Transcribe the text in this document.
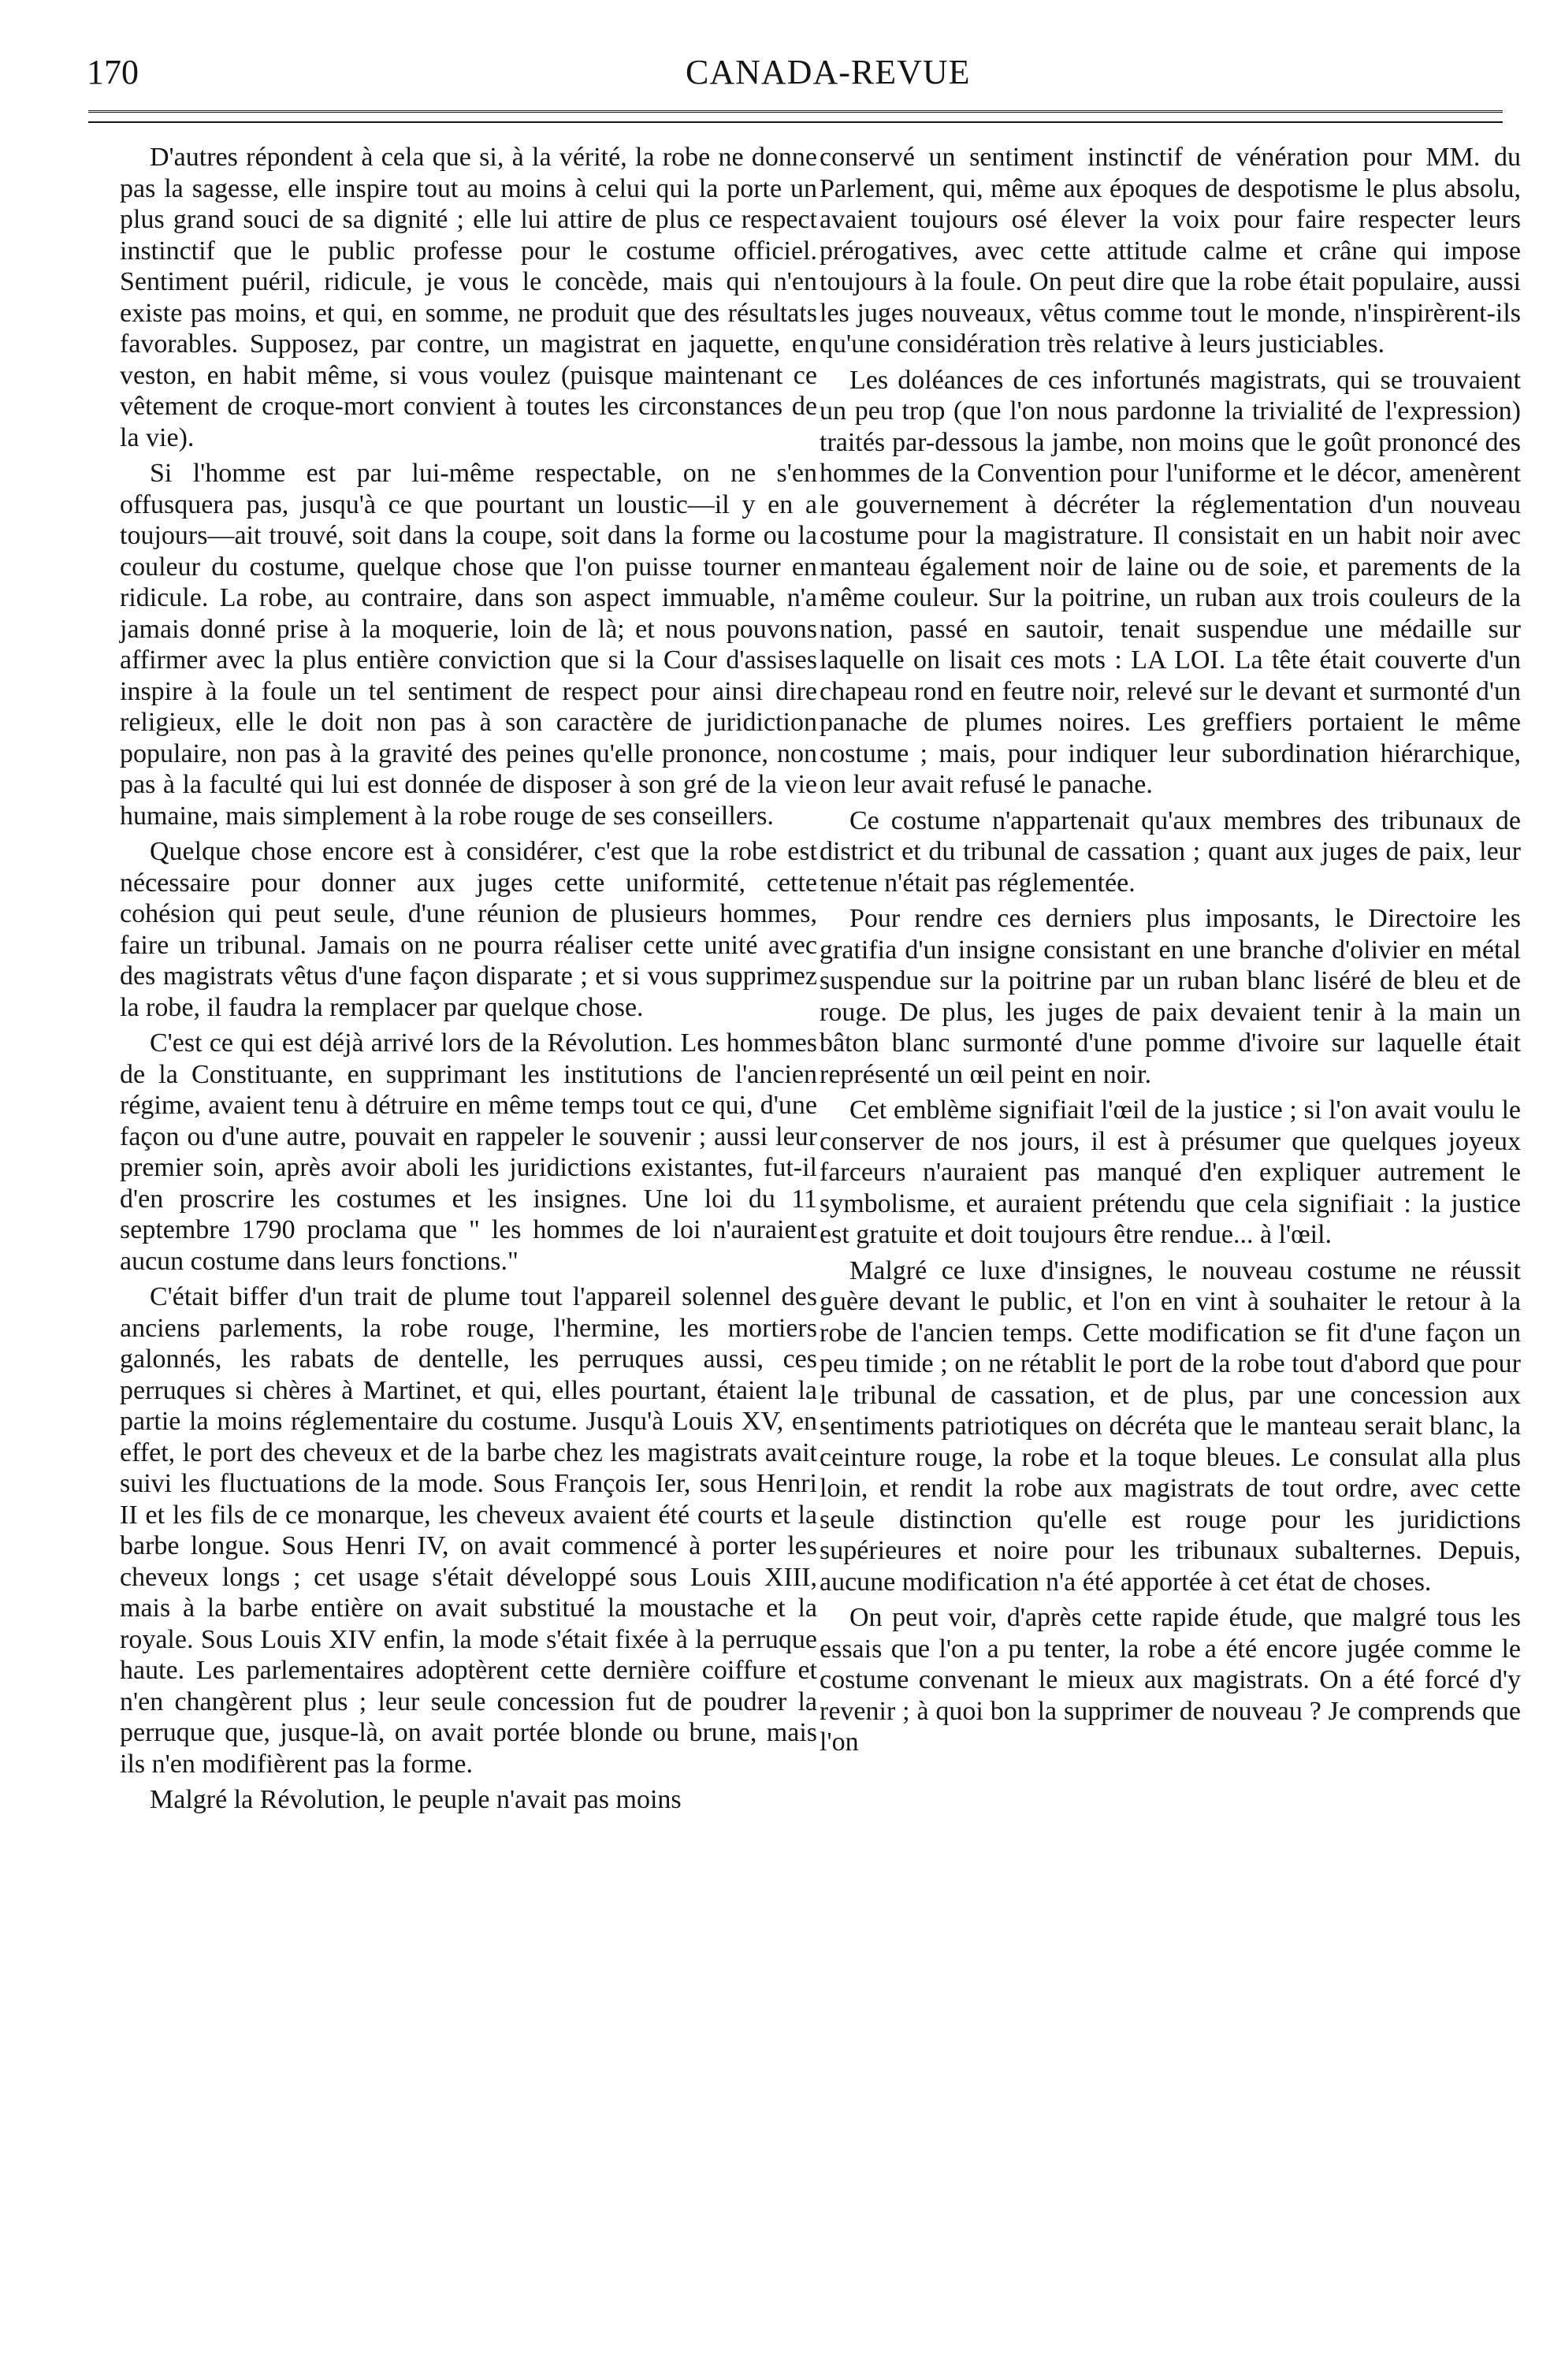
170	CANADA-REVUE

D'autres répondent à cela que si, à la vérité, la robe ne donne pas la sagesse, elle inspire tout au moins à celui qui la porte un plus grand souci de sa dignité ; elle lui attire de plus ce respect instinctif que le public professe pour le costume officiel. Sentiment puéril, ridicule, je vous le concède, mais qui n'en existe pas moins, et qui, en somme, ne produit que des résultats favorables. Supposez, par contre, un magistrat en jaquette, en veston, en habit même, si vous voulez (puisque maintenant ce vêtement de croque-mort convient à toutes les circonstances de la vie).

Si l'homme est par lui-même respectable, on ne s'en offusquera pas, jusqu'à ce que pourtant un loustic—il y en a toujours—ait trouvé, soit dans la coupe, soit dans la forme ou la couleur du costume, quelque chose que l'on puisse tourner en ridicule. La robe, au contraire, dans son aspect immuable, n'a jamais donné prise à la moquerie, loin de là; et nous pouvons affirmer avec la plus entière conviction que si la Cour d'assises inspire à la foule un tel sentiment de respect pour ainsi dire religieux, elle le doit non pas à son caractère de juridiction populaire, non pas à la gravité des peines qu'elle prononce, non pas à la faculté qui lui est donnée de disposer à son gré de la vie humaine, mais simplement à la robe rouge de ses conseillers.

Quelque chose encore est à considérer, c'est que la robe est nécessaire pour donner aux juges cette uniformité, cette cohésion qui peut seule, d'une réunion de plusieurs hommes, faire un tribunal. Jamais on ne pourra réaliser cette unité avec des magistrats vêtus d'une façon disparate ; et si vous supprimez la robe, il faudra la remplacer par quelque chose.

C'est ce qui est déjà arrivé lors de la Révolution. Les hommes de la Constituante, en supprimant les institutions de l'ancien régime, avaient tenu à détruire en même temps tout ce qui, d'une façon ou d'une autre, pouvait en rappeler le souvenir ; aussi leur premier soin, après avoir aboli les juridictions existantes, fut-il d'en proscrire les costumes et les insignes. Une loi du 11 septembre 1790 proclama que " les hommes de loi n'auraient aucun costume dans leurs fonctions."

C'était biffer d'un trait de plume tout l'appareil solennel des anciens parlements, la robe rouge, l'hermine, les mortiers galonnés, les rabats de dentelle, les perruques aussi, ces perruques si chères à Martinet, et qui, elles pourtant, étaient la partie la moins réglementaire du costume. Jusqu'à Louis XV, en effet, le port des cheveux et de la barbe chez les magistrats avait suivi les fluctuations de la mode. Sous François Ier, sous Henri II et les fils de ce monarque, les cheveux avaient été courts et la barbe longue. Sous Henri IV, on avait commencé à porter les cheveux longs ; cet usage s'était développé sous Louis XIII, mais à la barbe entière on avait substitué la moustache et la royale. Sous Louis XIV enfin, la mode s'était fixée à la perruque haute. Les parlementaires adoptèrent cette dernière coiffure et n'en changèrent plus ; leur seule concession fut de poudrer la perruque que, jusque-là, on avait portée blonde ou brune, mais ils n'en modifièrent pas la forme.

Malgré la Révolution, le peuple n'avait pas moins

conservé un sentiment instinctif de vénération pour MM. du Parlement, qui, même aux époques de despotisme le plus absolu, avaient toujours osé élever la voix pour faire respecter leurs prérogatives, avec cette attitude calme et crâne qui impose toujours à la foule. On peut dire que la robe était populaire, aussi les juges nouveaux, vêtus comme tout le monde, n'inspirèrent-ils qu'une considération très relative à leurs justiciables.

Les doléances de ces infortunés magistrats, qui se trouvaient un peu trop (que l'on nous pardonne la trivialité de l'expression) traités par-dessous la jambe, non moins que le goût prononcé des hommes de la Convention pour l'uniforme et le décor, amenèrent le gouvernement à décréter la réglementation d'un nouveau costume pour la magistrature. Il consistait en un habit noir avec manteau également noir de laine ou de soie, et parements de la même couleur. Sur la poitrine, un ruban aux trois couleurs de la nation, passé en sautoir, tenait suspendue une médaille sur laquelle on lisait ces mots : LA LOI. La tête était couverte d'un chapeau rond en feutre noir, relevé sur le devant et surmonté d'un panache de plumes noires. Les greffiers portaient le même costume ; mais, pour indiquer leur subordination hiérarchique, on leur avait refusé le panache.

Ce costume n'appartenait qu'aux membres des tribunaux de district et du tribunal de cassation ; quant aux juges de paix, leur tenue n'était pas réglementée.

Pour rendre ces derniers plus imposants, le Directoire les gratifia d'un insigne consistant en une branche d'olivier en métal suspendue sur la poitrine par un ruban blanc liséré de bleu et de rouge. De plus, les juges de paix devaient tenir à la main un bâton blanc surmonté d'une pomme d'ivoire sur laquelle était représenté un œil peint en noir.

Cet emblème signifiait l'œil de la justice ; si l'on avait voulu le conserver de nos jours, il est à présumer que quelques joyeux farceurs n'auraient pas manqué d'en expliquer autrement le symbolisme, et auraient prétendu que cela signifiait : la justice est gratuite et doit toujours être rendue... à l'œil.

Malgré ce luxe d'insignes, le nouveau costume ne réussit guère devant le public, et l'on en vint à souhaiter le retour à la robe de l'ancien temps. Cette modification se fit d'une façon un peu timide ; on ne rétablit le port de la robe tout d'abord que pour le tribunal de cassation, et de plus, par une concession aux sentiments patriotiques on décréta que le manteau serait blanc, la ceinture rouge, la robe et la toque bleues. Le consulat alla plus loin, et rendit la robe aux magistrats de tout ordre, avec cette seule distinction qu'elle est rouge pour les juridictions supérieures et noire pour les tribunaux subalternes. Depuis, aucune modification n'a été apportée à cet état de choses.

On peut voir, d'après cette rapide étude, que malgré tous les essais que l'on a pu tenter, la robe a été encore jugée comme le costume convenant le mieux aux magistrats. On a été forcé d'y revenir ; à quoi bon la supprimer de nouveau ? Je comprends que l'on
